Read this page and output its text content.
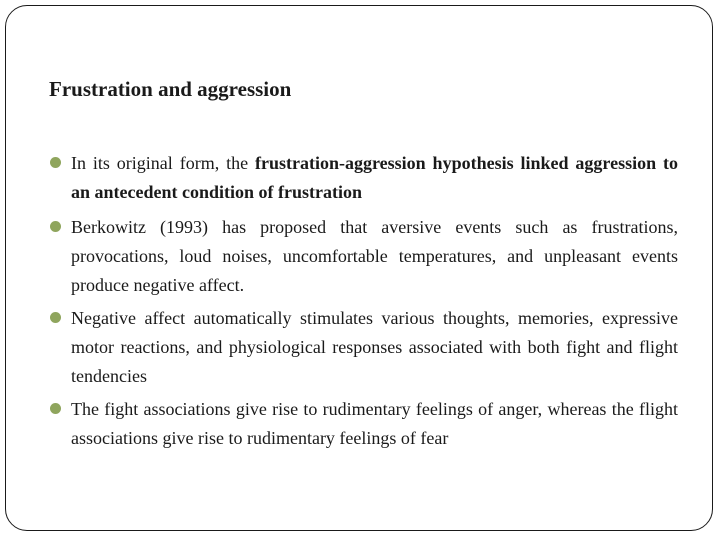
Frustration and aggression
In its original form, the frustration-aggression hypothesis linked aggression to an antecedent condition of frustration
Berkowitz (1993) has proposed that aversive events such as frustrations, provocations, loud noises, uncomfortable temperatures, and unpleasant events produce negative affect.
Negative affect automatically stimulates various thoughts, memories, expressive motor reactions, and physiological responses associated with both fight and flight tendencies
The fight associations give rise to rudimentary feelings of anger, whereas the flight associations give rise to rudimentary feelings of fear
